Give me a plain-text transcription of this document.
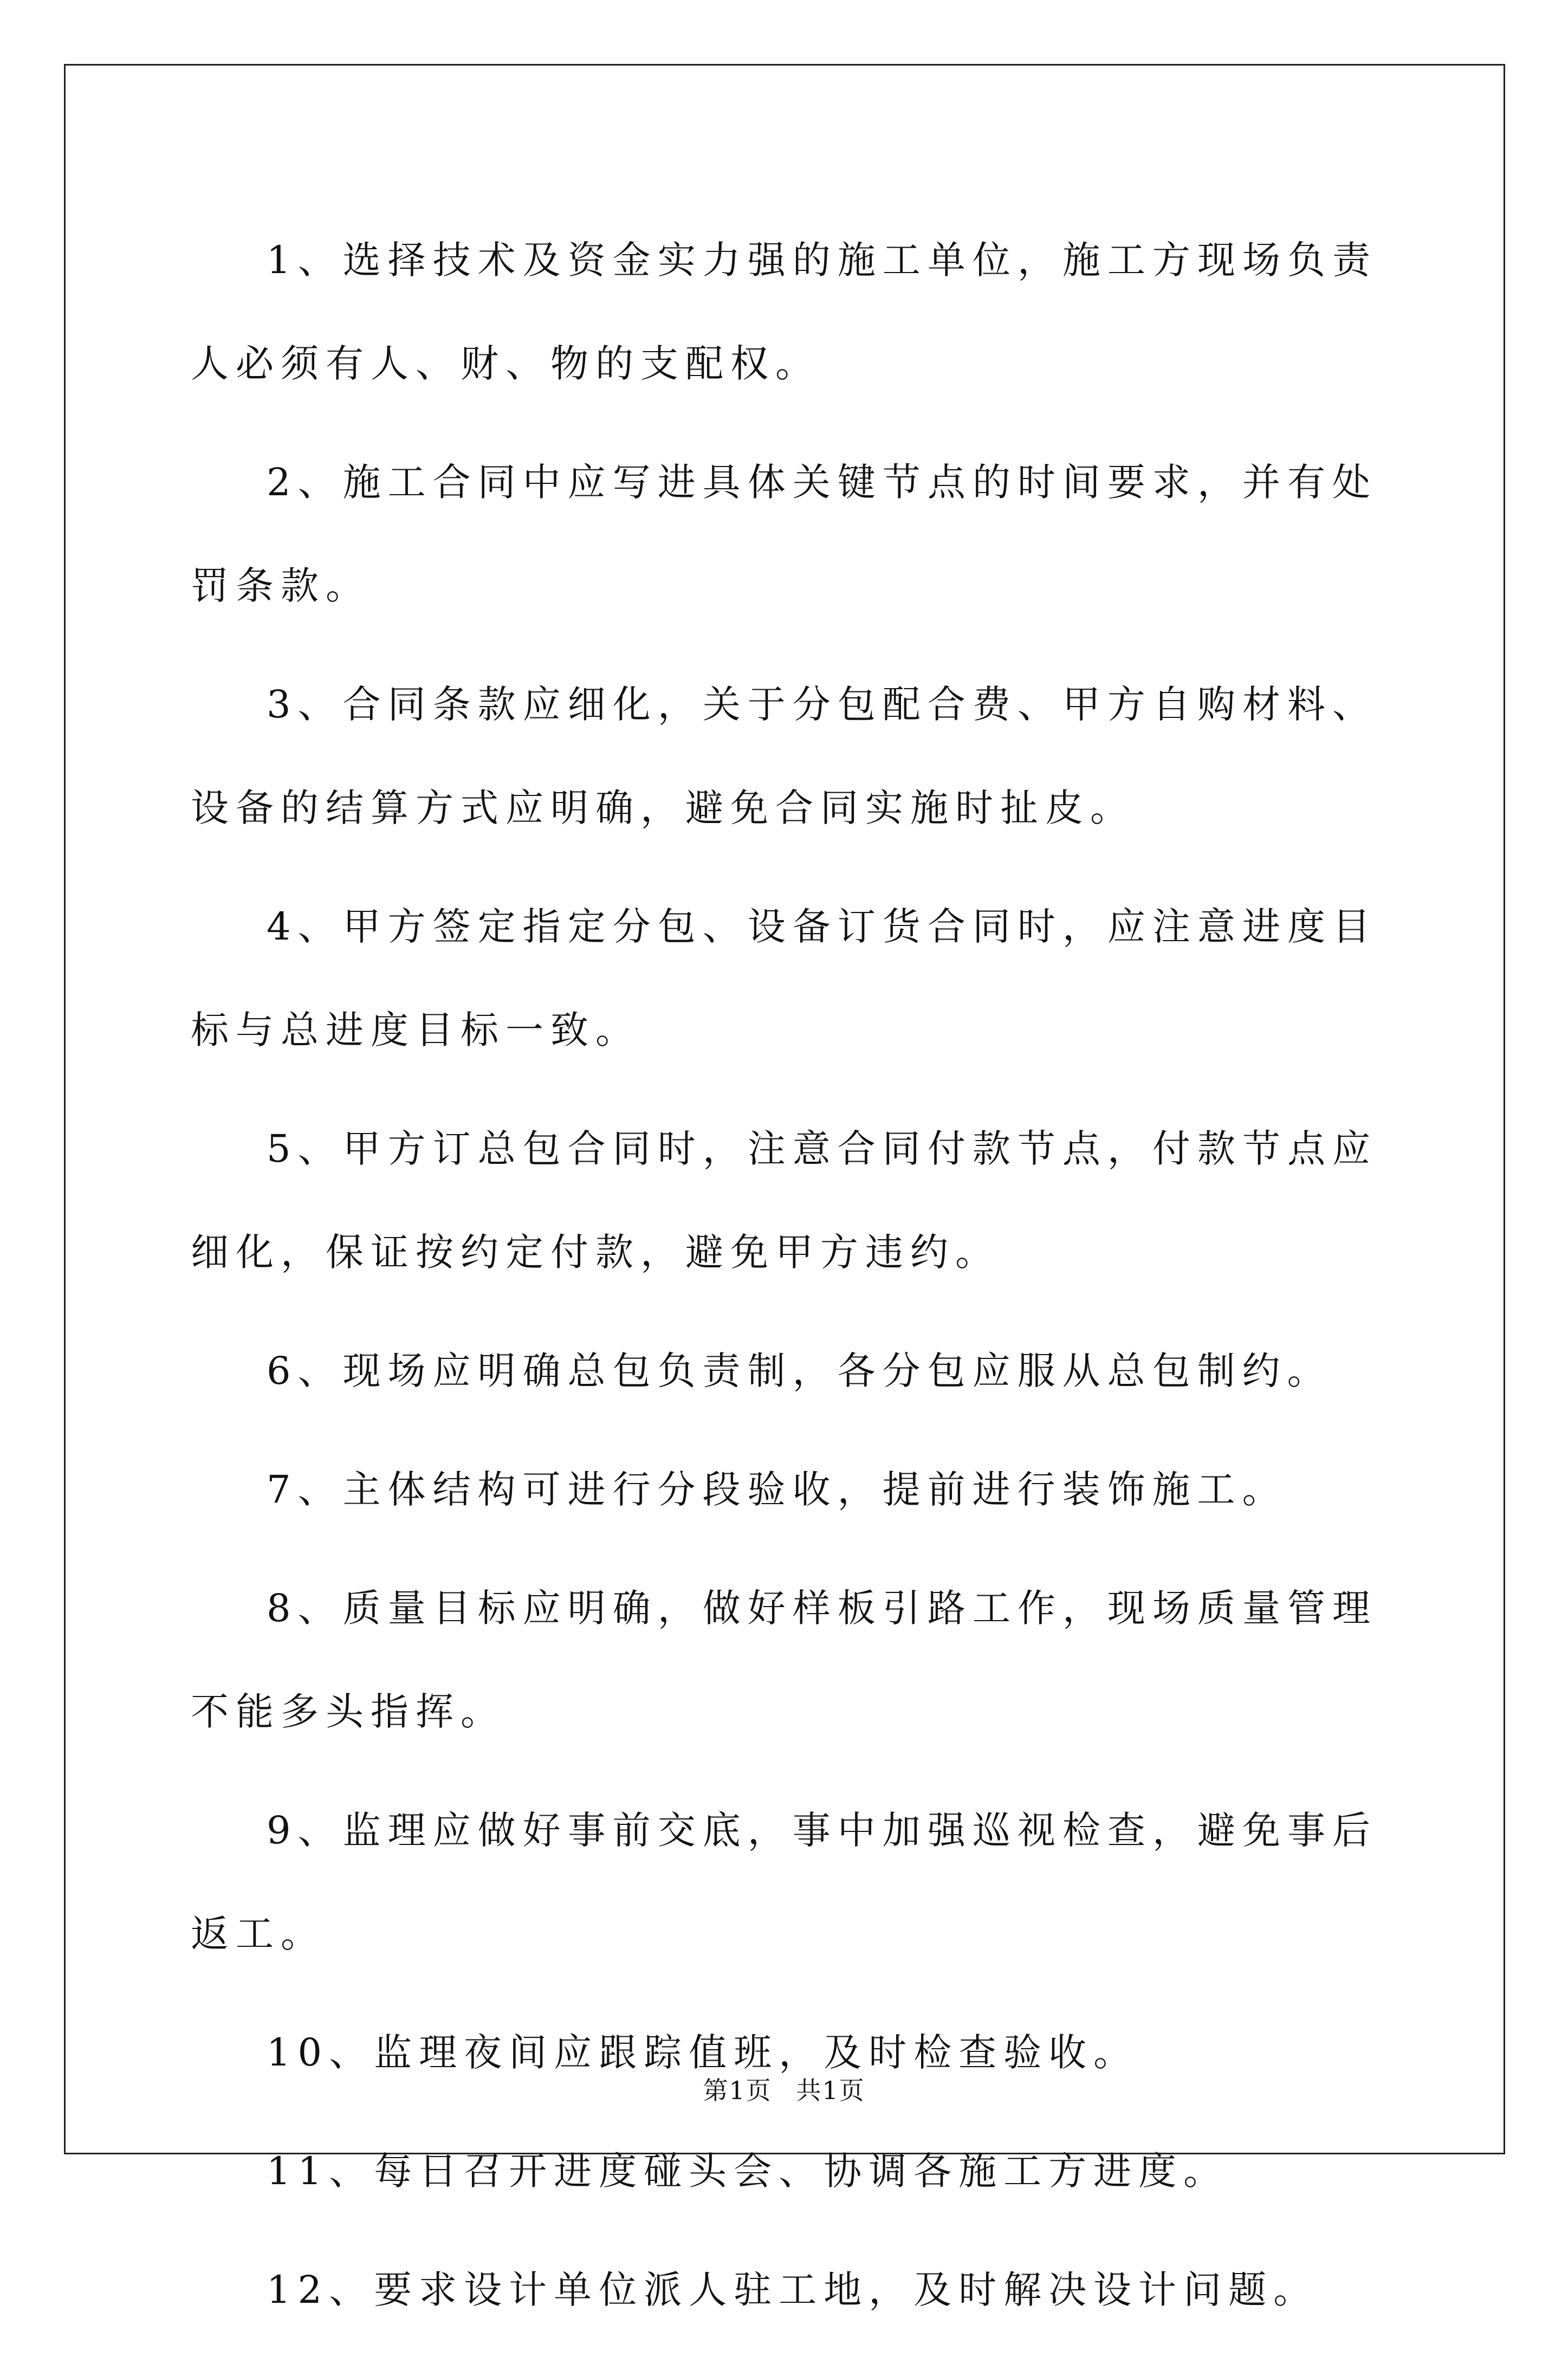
1、选择技术及资金实力强的施工单位，施工方现场负责人必须有人、财、物的支配权。

2、施工合同中应写进具体关键节点的时间要求，并有处罚条款。

3、合同条款应细化，关于分包配合费、甲方自购材料、设备的结算方式应明确，避免合同实施时扯皮。

4、甲方签定指定分包、设备订货合同时，应注意进度目标与总进度目标一致。

5、甲方订总包合同时，注意合同付款节点，付款节点应细化，保证按约定付款，避免甲方违约。

6、现场应明确总包负责制，各分包应服从总包制约。

7、主体结构可进行分段验收，提前进行装饰施工。

8、质量目标应明确，做好样板引路工作，现场质量管理不能多头指挥。

9、监理应做好事前交底，事中加强巡视检查，避免事后返工。

10、监理夜间应跟踪值班，及时检查验收。

11、每日召开进度碰头会、协调各施工方进度。

12、要求设计单位派人驻工地，及时解决设计问题。

第1页 共1页
